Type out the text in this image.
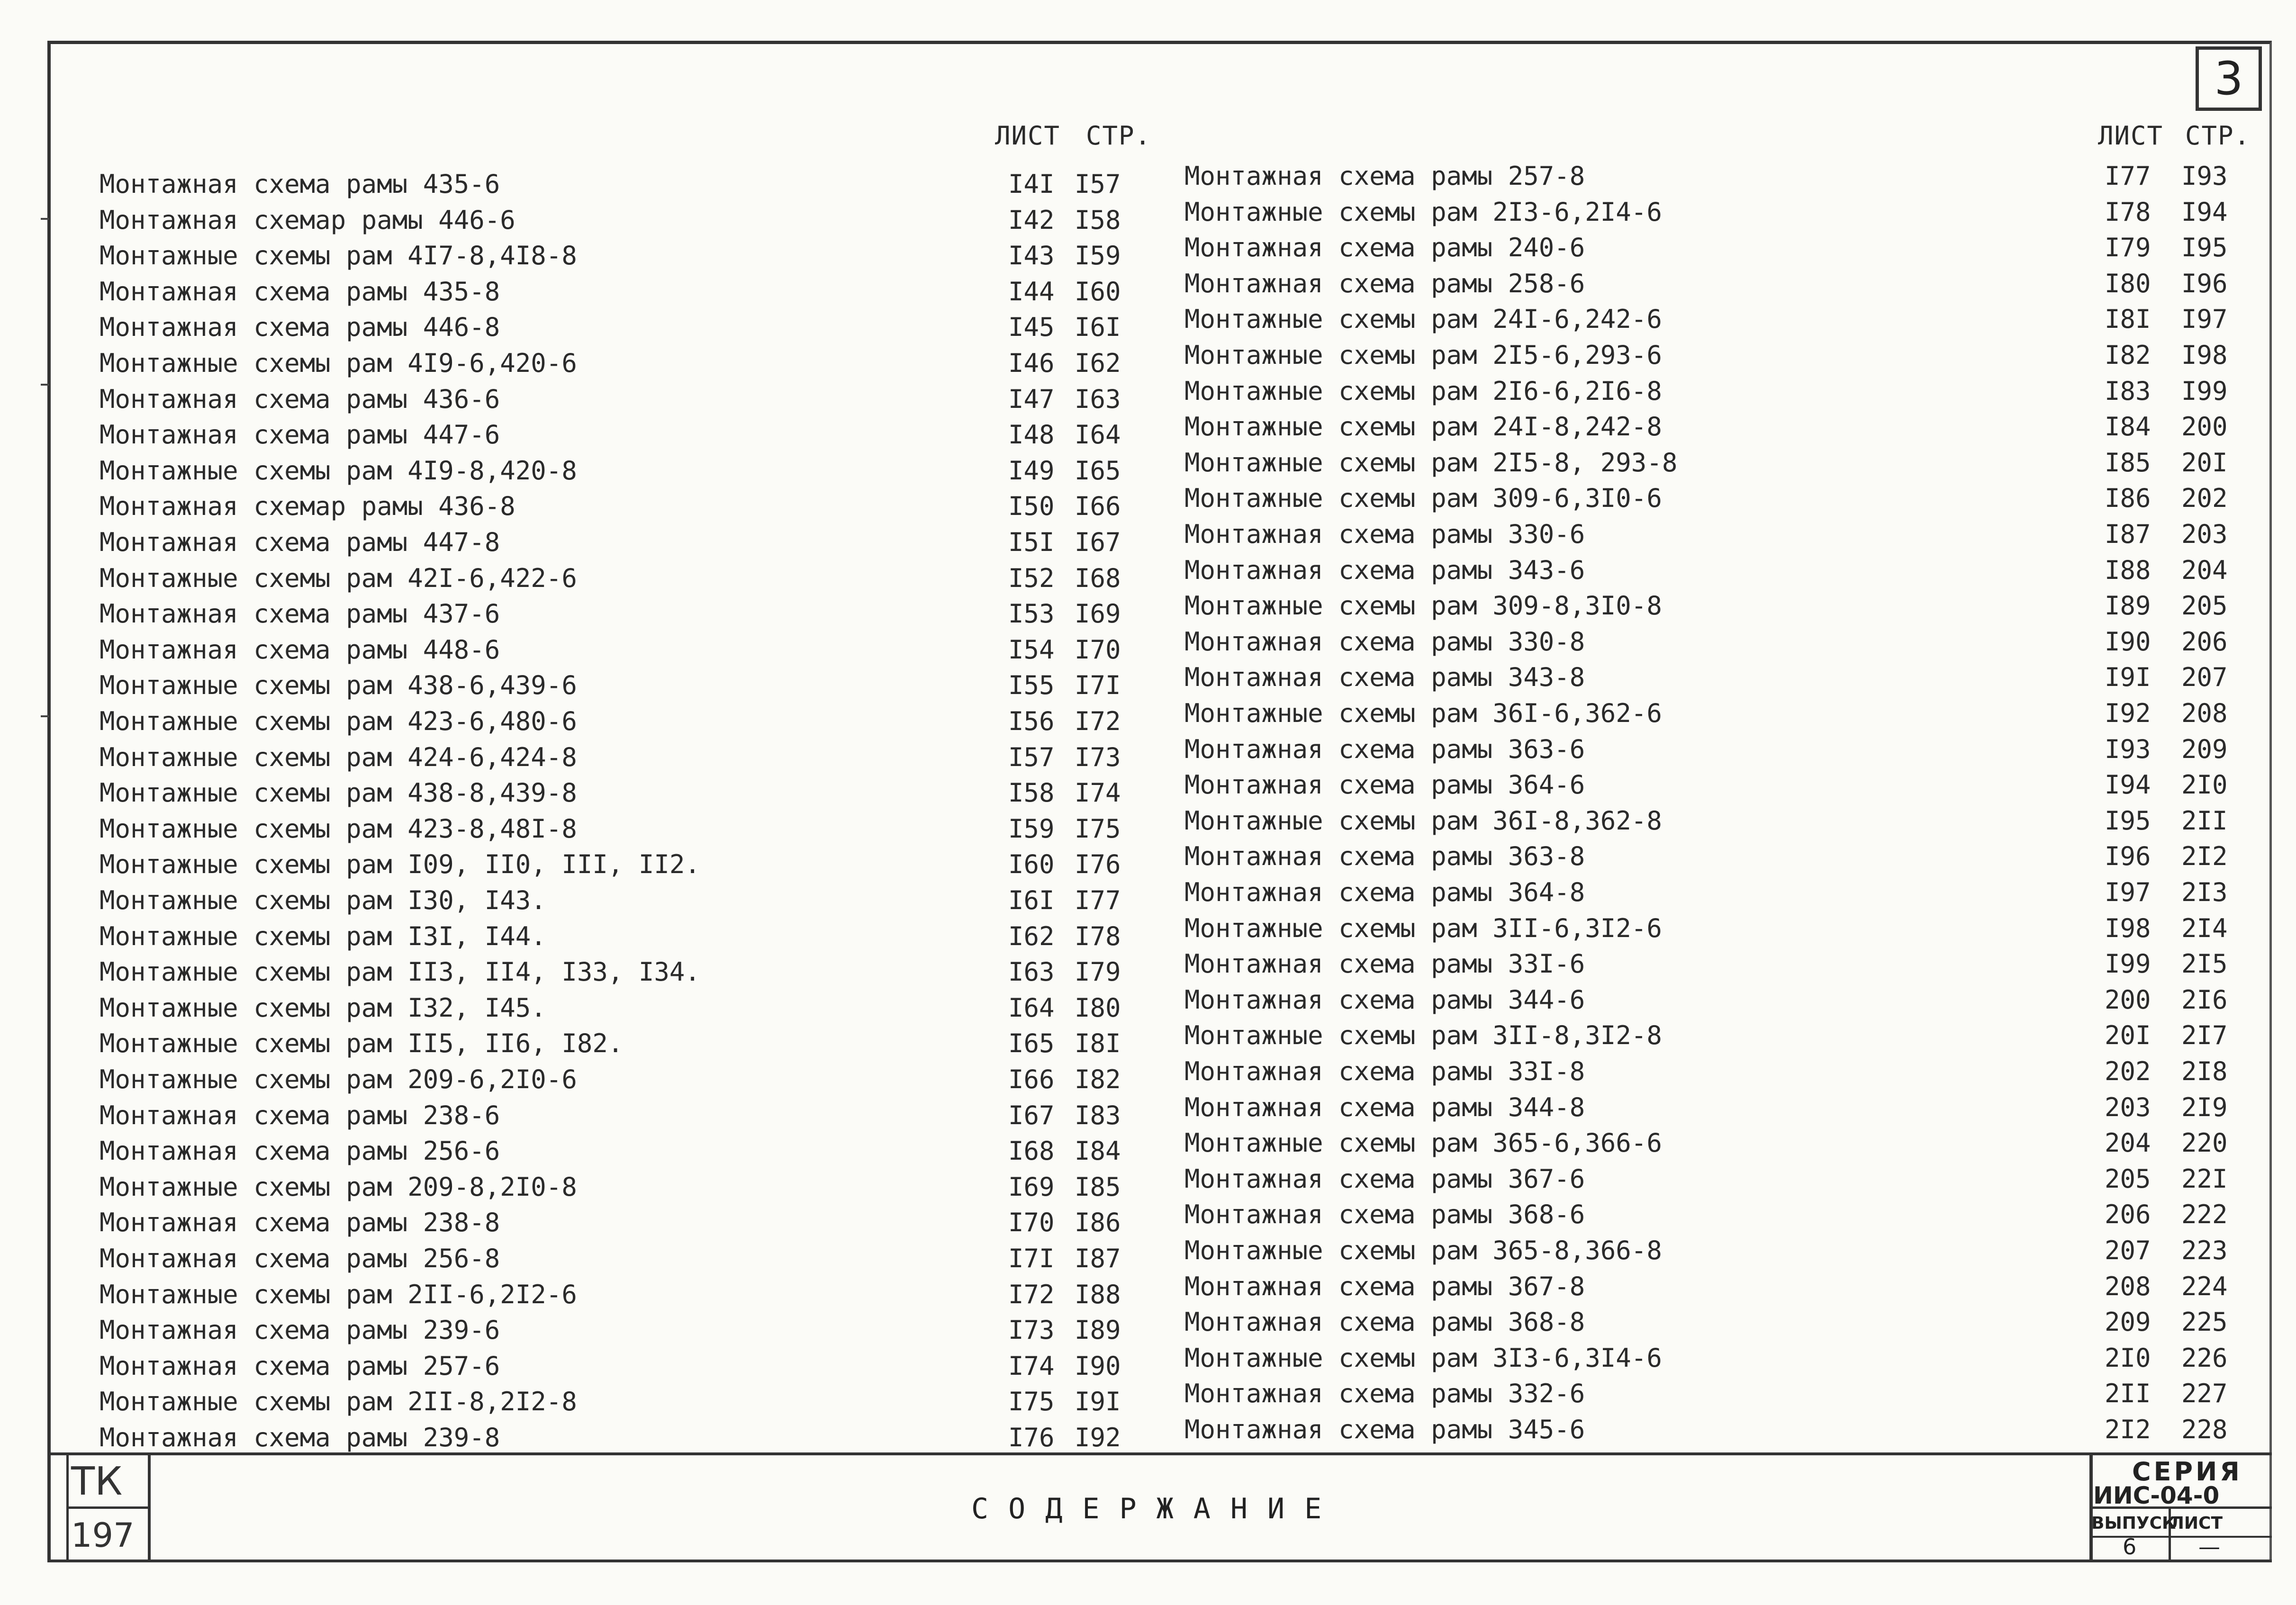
3
ЛИСТ СТР.	ЛИСТ СТР.
Монтажная схема рамы 435-6	I4I I57
Монтажная схемар рамы 446-6	I42 I58
Монтажные схемы рам 4I7-8,4I8-8	I43 I59
Монтажная схема рамы 435-8	I44 I60
Монтажная схема рамы 446-8	I45 I6I
Монтажные схемы рам 4I9-6,420-6	I46 I62
Монтажная схема рамы 436-6	I47 I63
Монтажная схема рамы 447-6	I48 I64
Монтажные схемы рам 4I9-8,420-8	I49 I65
Монтажная схемар рамы 436-8	I50 I66
Монтажная схема рамы 447-8	I5I I67
Монтажные схемы рам 42I-6,422-6	I52 I68
Монтажная схема рамы 437-6	I53 I69
Монтажная схема рамы 448-6	I54 I70
Монтажные схемы рам 438-6,439-6	I55 I7I
Монтажные схемы рам 423-6,480-6	I56 I72
Монтажные схемы рам 424-6,424-8	I57 I73
Монтажные схемы рам 438-8,439-8	I58 I74
Монтажные схемы рам 423-8,48I-8	I59 I75
Монтажные схемы рам I09, II0, III, II2.	I60 I76
Монтажные схемы рам I30, I43.	I6I I77
Монтажные схемы рам I3I, I44.	I62 I78
Монтажные схемы рам II3, II4, I33, I34.	I63 I79
Монтажные схемы рам I32, I45.	I64 I80
Монтажные схемы рам II5, II6, I82.	I65 I8I
Монтажные схемы рам 209-6,2I0-6	I66 I82
Монтажная схема рамы 238-6	I67 I83
Монтажная схема рамы 256-6	I68 I84
Монтажные схемы рам 209-8,2I0-8	I69 I85
Монтажная схема рамы 238-8	I70 I86
Монтажная схема рамы 256-8	I7I I87
Монтажные схемы рам 2II-6,2I2-6	I72 I88
Монтажная схема рамы 239-6	I73 I89
Монтажная схема рамы 257-6	I74 I90
Монтажные схемы рам 2II-8,2I2-8	I75 I9I
Монтажная схема рамы 239-8	I76 I92
Монтажная схема рамы 257-8	I77 I93
Монтажные схемы рам 2I3-6,2I4-6	I78 I94
Монтажная схема рамы 240-6	I79 I95
Монтажная схема рамы 258-6	I80 I96
Монтажные схемы рам 24I-6,242-6	I8I I97
Монтажные схемы рам 2I5-6,293-6	I82 I98
Монтажные схемы рам 2I6-6,2I6-8	I83 I99
Монтажные схемы рам 24I-8,242-8	I84 200
Монтажные схемы рам 2I5-8, 293-8	I85 20I
Монтажные схемы рам 309-6,3I0-6	I86 202
Монтажная схема рамы 330-6	I87 203
Монтажная схема рамы 343-6	I88 204
Монтажные схемы рам 309-8,3I0-8	I89 205
Монтажная схема рамы 330-8	I90 206
Монтажная схема рамы 343-8	I9I 207
Монтажные схемы рам 36I-6,362-6	I92 208
Монтажная схема рамы 363-6	I93 209
Монтажная схема рамы 364-6	I94 2I0
Монтажные схемы рам 36I-8,362-8	I95 2II
Монтажная схема рамы 363-8	I96 2I2
Монтажная схема рамы 364-8	I97 2I3
Монтажные схемы рам 3II-6,3I2-6	I98 2I4
Монтажная схема рамы 33I-6	I99 2I5
Монтажная схема рамы 344-6	200 2I6
Монтажные схемы рам 3II-8,3I2-8	20I 2I7
Монтажная схема рамы 33I-8	202 2I8
Монтажная схема рамы 344-8	203 2I9
Монтажные схемы рам 365-6,366-6	204 220
Монтажная схема рамы 367-6	205 22I
Монтажная схема рамы 368-6	206 222
Монтажные схемы рам 365-8,366-8	207 223
Монтажная схема рамы 367-8	208 224
Монтажная схема рамы 368-8	209 225
Монтажные схемы рам 3I3-6,3I4-6	2I0 226
Монтажная схема рамы 332-6	2II 227
Монтажная схема рамы 345-6	2I2 228
ТК
197
СОДЕРЖАНИЕ
СЕРИЯ
ИИС-04-0
ВЫПУСК
ЛИСТ
6	—
